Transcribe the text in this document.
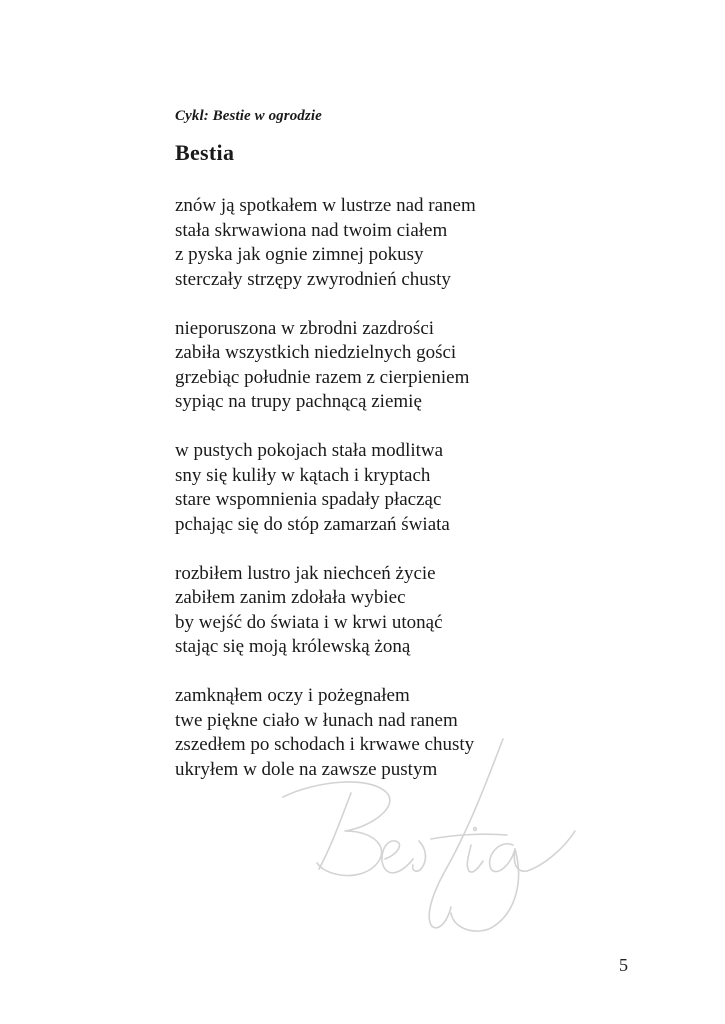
Cykl: Bestie w ogrodzie
Bestia
znów ją spotkałem w lustrze nad ranem
stała skrwawiona nad twoim ciałem
z pyska jak ognie zimnej pokusy
sterczały strzępy zwyrodnień chusty
nieporuszona w zbrodni zazdrości
zabiła wszystkich niedzielnych gości
grzebiąc południe razem z cierpieniem
sypiąc na trupy pachnącą ziemię
w pustych pokojach stała modlitwa
sny się kuliły w kątach i kryptach
stare wspomnienia spadały płacząc
pchając się do stóp zamarzań świata
rozbiłem lustro jak niechceń życie
zabiłem zanim zdołała wybiec
by wejść do świata i w krwi utonąć
stając się moją królewską żoną
zamknąłem oczy i pożegnałem
twe piękne ciało w łunach nad ranem
zszedłem po schodach i krwawe chusty
ukryłem w dole na zawsze pustym
5
